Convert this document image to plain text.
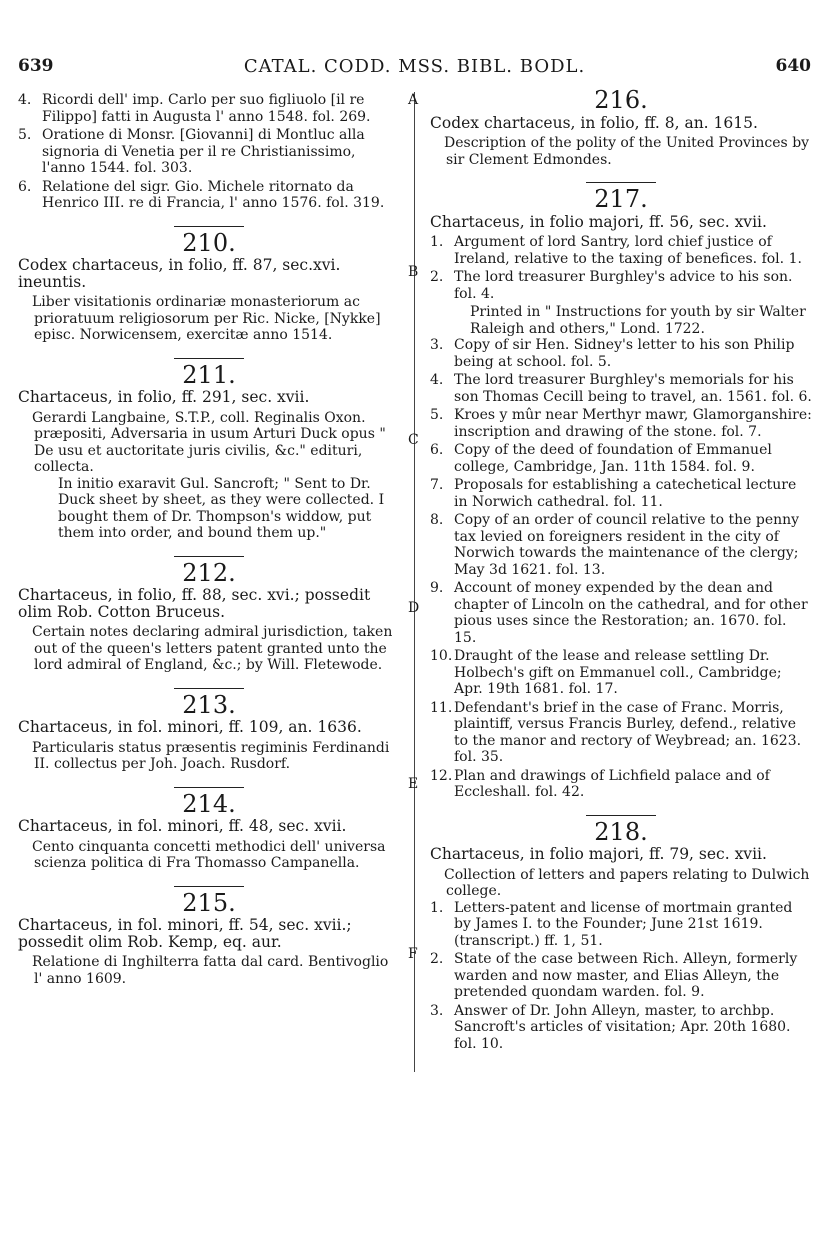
639	CATAL. CODD. MSS. BIBL. BODL.	640
A
B
C
D
E
F
4. Ricordi dell' imp. Carlo per suo figliuolo [il re Filippo] fatti in Augusta l' anno 1548. fol. 269.
5. Oratione di Monsr. [Giovanni] di Montluc alla signoria di Venetia per il re Christianissimo, l'anno 1544. fol. 303.
6. Relatione del sigr. Gio. Michele ritornato da Henrico III. re di Francia, l' anno 1576. fol. 319.
210.
Codex chartaceus, in folio, ff. 87, sec.xvi. ineuntis.
Liber visitationis ordinariæ monasteriorum ac prioratuum religiosorum per Ric. Nicke, [Nykke] episc. Norwicensem, exercitæ anno 1514.
211.
Chartaceus, in folio, ff. 291, sec. xvii.
Gerardi Langbaine, S.T.P., coll. Reginalis Oxon. præpositi, Adversaria in usum Arturi Duck opus " De usu et auctoritate juris civilis, &c." edituri, collecta.
In initio exaravit Gul. Sancroft; " Sent to Dr. Duck sheet by sheet, as they were collected. I bought them of Dr. Thompson's widdow, put them into order, and bound them up."
212.
Chartaceus, in folio, ff. 88, sec. xvi.; possedit olim Rob. Cotton Bruceus.
Certain notes declaring admiral jurisdiction, taken out of the queen's letters patent granted unto the lord admiral of England, &c.; by Will. Fletewode.
213.
Chartaceus, in fol. minori, ff. 109, an. 1636.
Particularis status præsentis regiminis Ferdinandi II. collectus per Joh. Joach. Rusdorf.
214.
Chartaceus, in fol. minori, ff. 48, sec. xvii.
Cento cinquanta concetti methodici dell' universa scienza politica di Fra Thomasso Campanella.
215.
Chartaceus, in fol. minori, ff. 54, sec. xvii.; possedit olim Rob. Kemp, eq. aur.
Relatione di Inghilterra fatta dal card. Bentivoglio l' anno 1609.
216.
Codex chartaceus, in folio, ff. 8, an. 1615.
Description of the polity of the United Provinces by sir Clement Edmondes.
217.
Chartaceus, in folio majori, ff. 56, sec. xvii.
1. Argument of lord Santry, lord chief justice of Ireland, relative to the taxing of benefices. fol. 1.
2. The lord treasurer Burghley's advice to his son. fol. 4.
Printed in " Instructions for youth by sir Walter Raleigh and others," Lond. 1722.
3. Copy of sir Hen. Sidney's letter to his son Philip being at school. fol. 5.
4. The lord treasurer Burghley's memorials for his son Thomas Cecill being to travel, an. 1561. fol. 6.
5. Kroes y mûr near Merthyr mawr, Glamorganshire: inscription and drawing of the stone. fol. 7.
6. Copy of the deed of foundation of Emmanuel college, Cambridge, Jan. 11th 1584. fol. 9.
7. Proposals for establishing a catechetical lecture in Norwich cathedral. fol. 11.
8. Copy of an order of council relative to the penny tax levied on foreigners resident in the city of Norwich towards the maintenance of the clergy; May 3d 1621. fol. 13.
9. Account of money expended by the dean and chapter of Lincoln on the cathedral, and for other pious uses since the Restoration; an. 1670. fol. 15.
10. Draught of the lease and release settling Dr. Holbech's gift on Emmanuel coll., Cambridge; Apr. 19th 1681. fol. 17.
11. Defendant's brief in the case of Franc. Morris, plaintiff, versus Francis Burley, defend., relative to the manor and rectory of Weybread; an. 1623. fol. 35.
12. Plan and drawings of Lichfield palace and of Eccleshall. fol. 42.
218.
Chartaceus, in folio majori, ff. 79, sec. xvii.
Collection of letters and papers relating to Dulwich college.
1. Letters-patent and license of mortmain granted by James I. to the Founder; June 21st 1619. (transcript.) ff. 1, 51.
2. State of the case between Rich. Alleyn, formerly warden and now master, and Elias Alleyn, the pretended quondam warden. fol. 9.
3. Answer of Dr. John Alleyn, master, to archbp. Sancroft's articles of visitation; Apr. 20th 1680. fol. 10.
